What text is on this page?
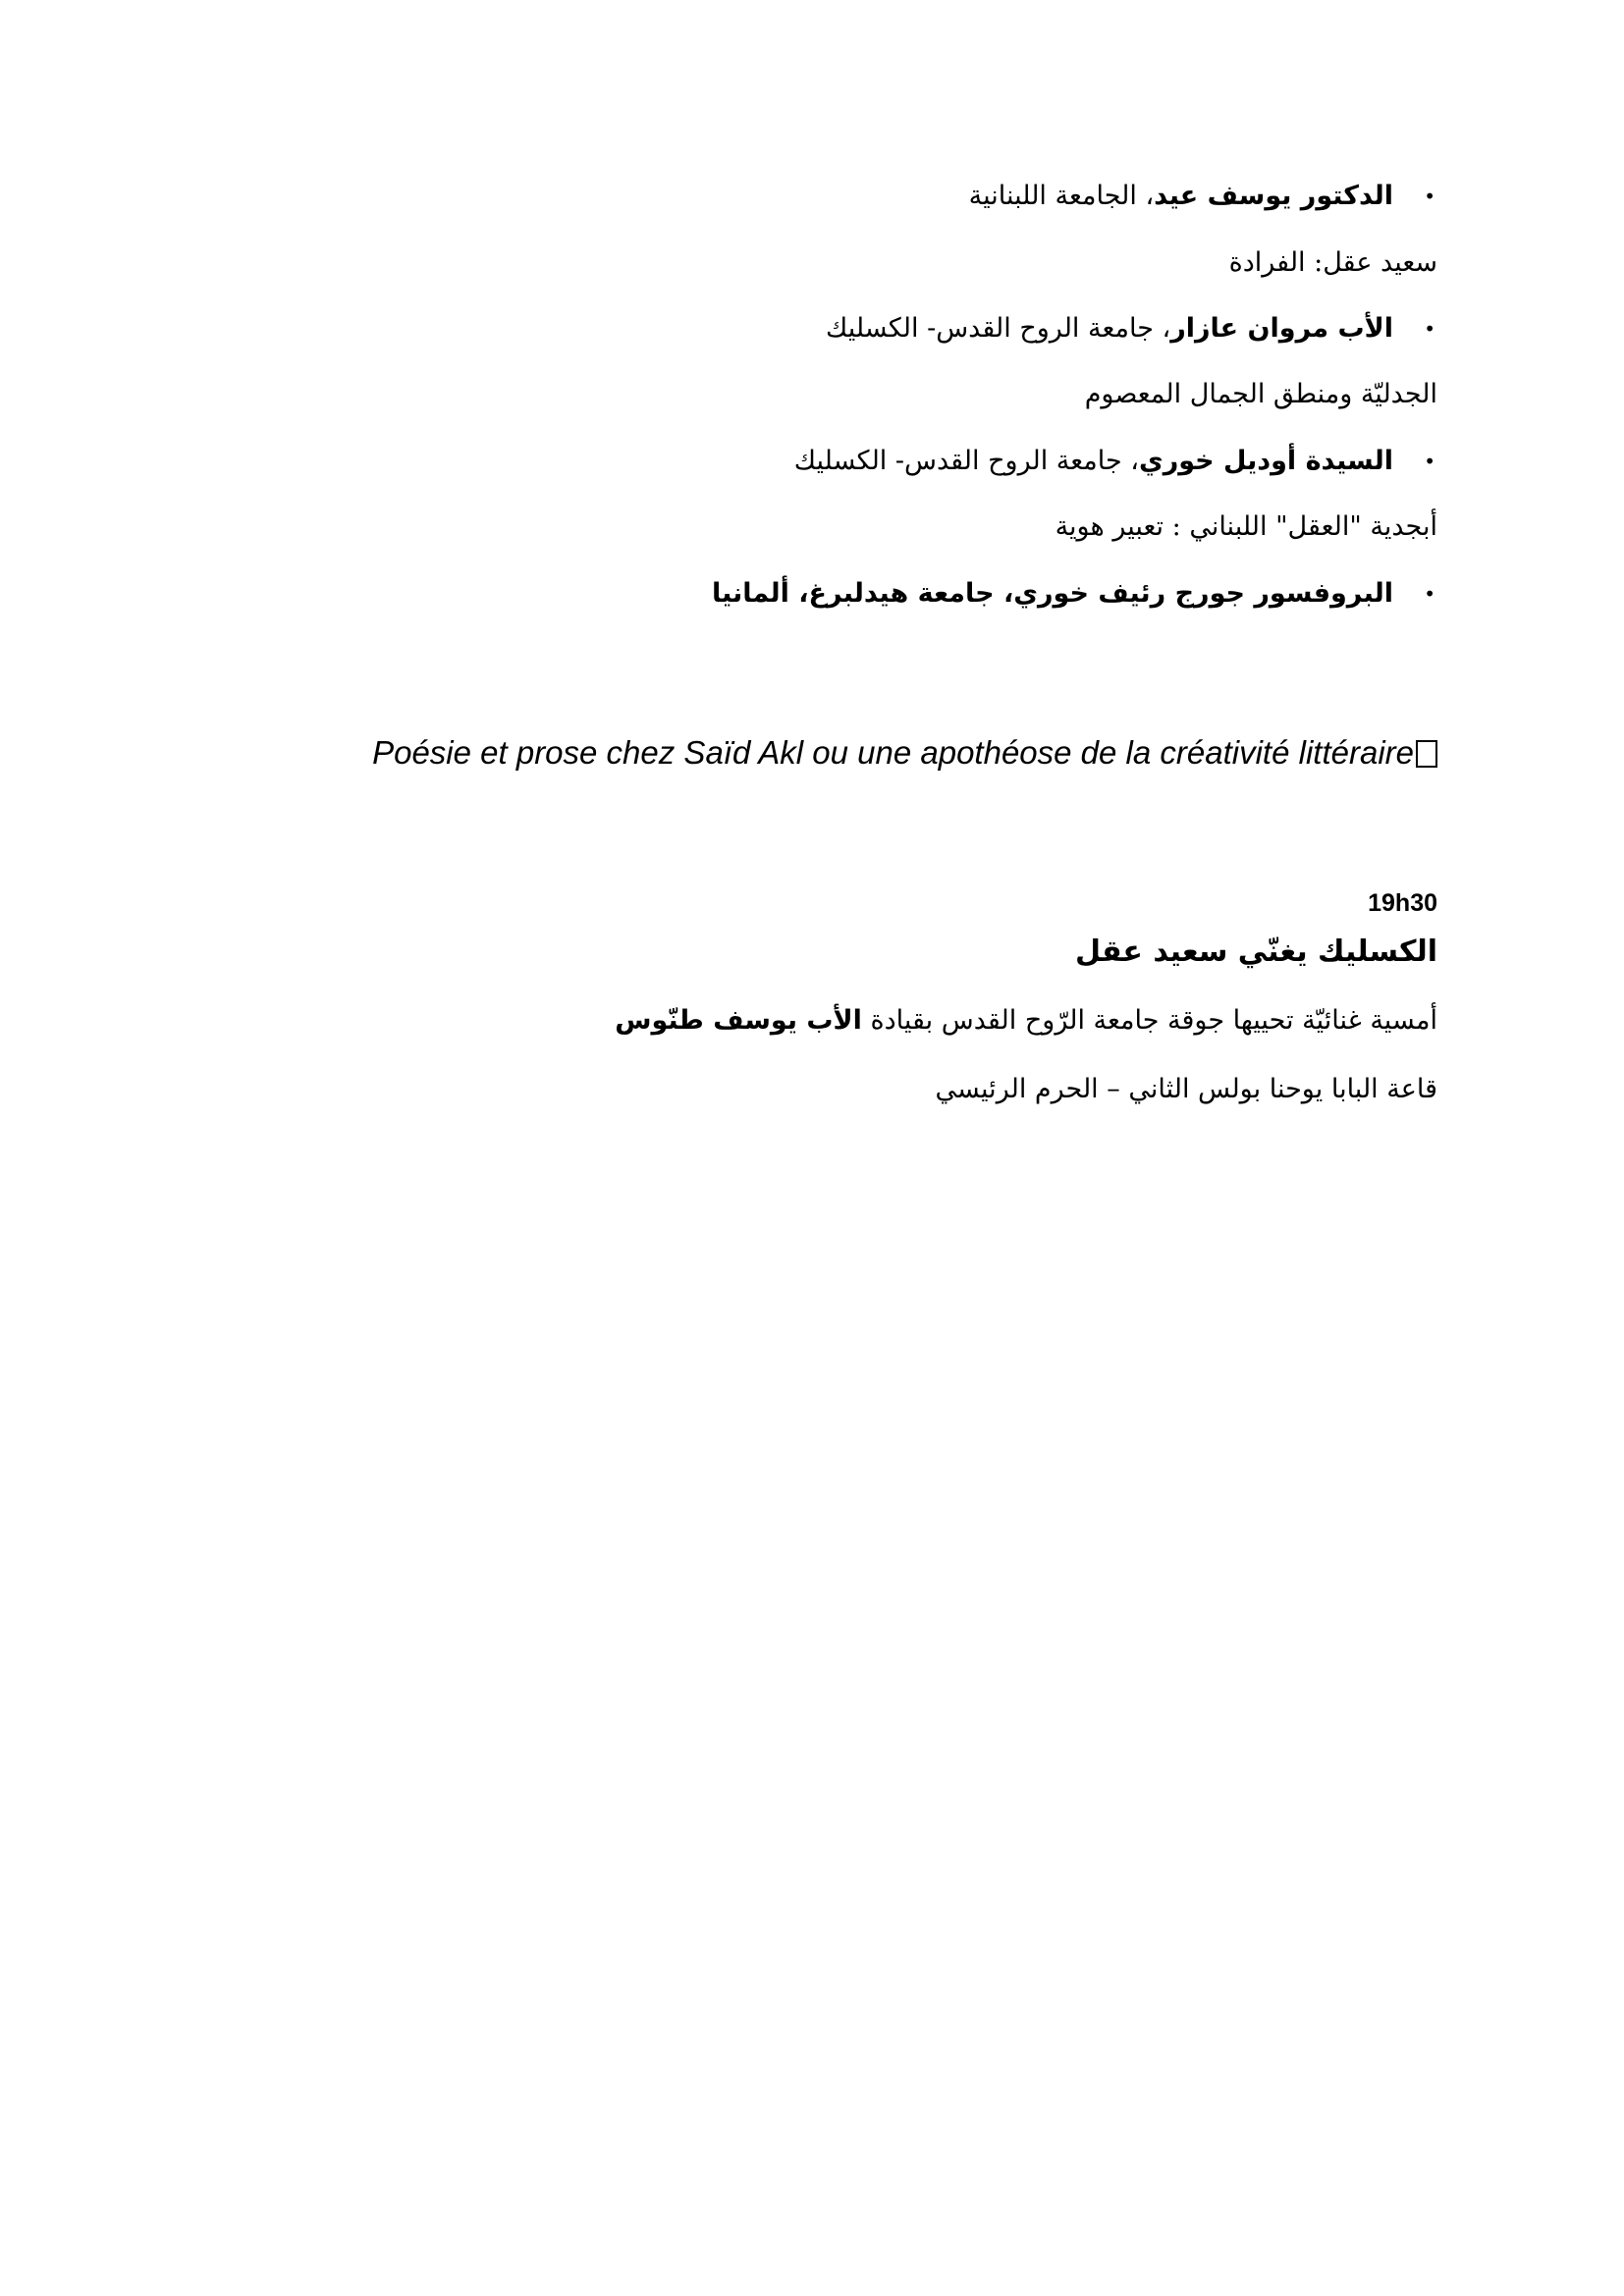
•
الدكتور يوسف عيد، الجامعة اللبنانية
سعيد عقل: الفرادة
•
الأب مروان عازار، جامعة الروح القدس- الكسليك
الجدليّة ومنطق الجمال المعصوم
•
السيدة أوديل خوري، جامعة الروح القدس- الكسليك
أبجدية "العقل" اللبناني : تعبير هوية
•
البروفسور جورج رئيف خوري، جامعة هيدلبرغ، ألمانيا
Poésie et prose chez Saïd Akl ou une apothéose de la créativité littéraire
19h30
الكسليك يغنّي سعيد عقل
أمسية غنائيّة تحييها جوقة جامعة الرّوح القدس بقيادة الأب يوسف طنّوس
قاعة البابا يوحنا بولس الثاني – الحرم الرئيسي
